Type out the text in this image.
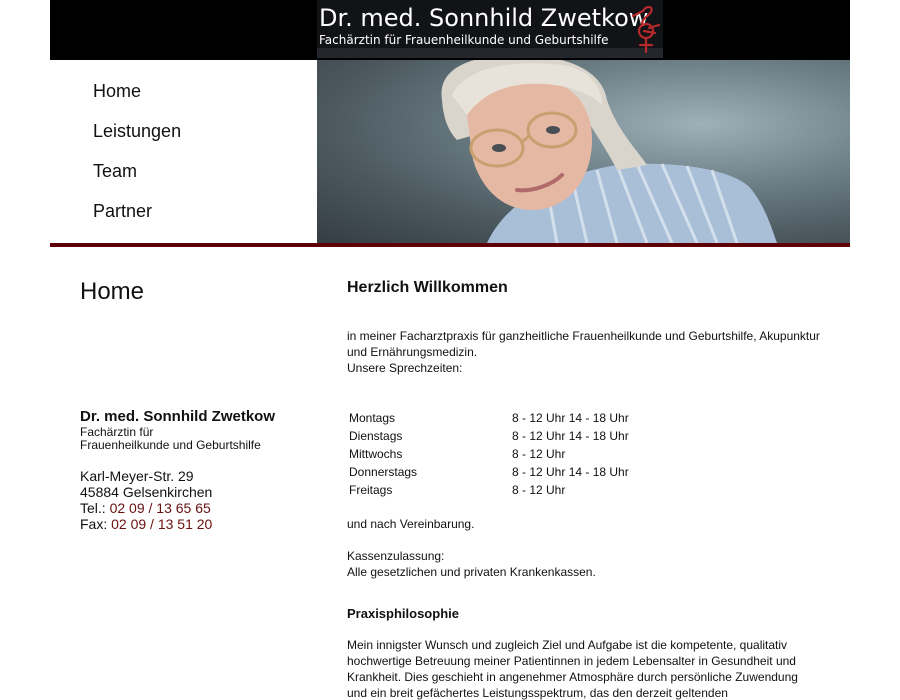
Dr. med. Sonnhild Zwetkow
Fachärztin für Frauenheilkunde und Geburtshilfe
Home
Leistungen
Team
Partner
Home
Dr. med. Sonnhild Zwetkow
Fachärztin für
Frauenheilkunde und Geburtshilfe
Karl-Meyer-Str. 29
45884 Gelsenkirchen
Tel.: 02 09 / 13 65 65
Fax: 02 09 / 13 51 20
Herzlich Willkommen

in meiner Facharztpraxis für ganzheitliche Frauenheilkunde und Geburtshilfe, Akupunktur

und Ernährungsmedizin.

Unsere Sprechzeiten:

Montags	8 - 12 Uhr 14 - 18 Uhr
Dienstags	8 - 12 Uhr 14 - 18 Uhr
Mittwochs	8 - 12 Uhr
Donnerstags	8 - 12 Uhr 14 - 18 Uhr
Freitags	8 - 12 Uhr

und nach Vereinbarung.

Kassenzulassung:

Alle gesetzlichen und privaten Krankenkassen.

Praxisphilosophie

Mein innigster Wunsch und zugleich Ziel und Aufgabe ist die kompetente, qualitativ

hochwertige Betreuung meiner Patientinnen in jedem Lebensalter in Gesundheit und

Krankheit. Dies geschieht in angenehmer Atmosphäre durch persönliche Zuwendung

und ein breit gefächertes Leistungsspektrum, das den derzeit geltenden
